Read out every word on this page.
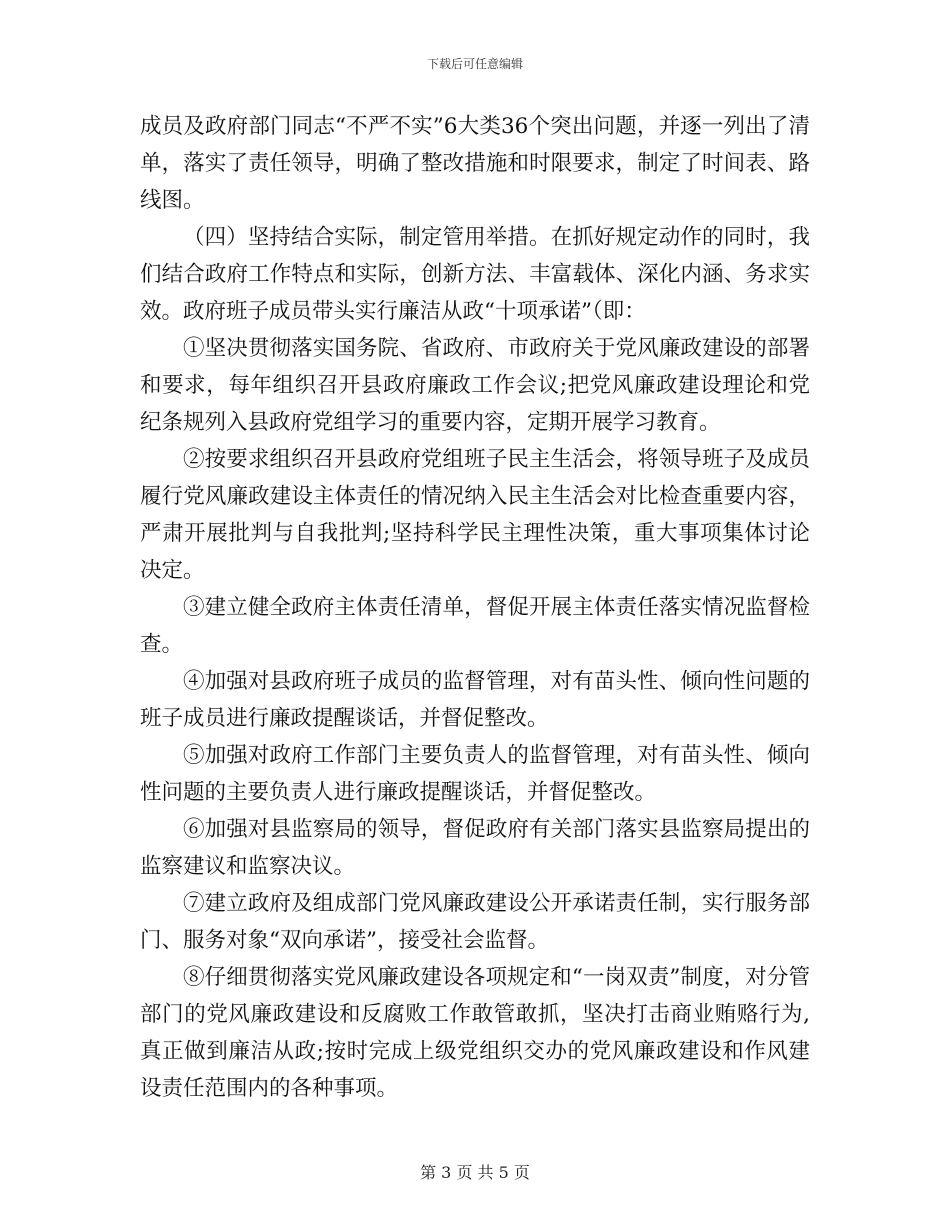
下载后可任意编辑

成员及政府部门同志“不严不实”6大类36个突出问题，并逐一列出了清单，落实了责任领导，明确了整改措施和时限要求，制定了时间表、路线图。

（四）坚持结合实际，制定管用举措。在抓好规定动作的同时，我们结合政府工作特点和实际，创新方法、丰富载体、深化内涵、务求实效。政府班子成员带头实行廉洁从政“十项承诺”（即：

①坚决贯彻落实国务院、省政府、市政府关于党风廉政建设的部署和要求，每年组织召开县政府廉政工作会议;把党风廉政建设理论和党纪条规列入县政府党组学习的重要内容，定期开展学习教育。

②按要求组织召开县政府党组班子民主生活会，将领导班子及成员履行党风廉政建设主体责任的情况纳入民主生活会对比检查重要内容，严肃开展批判与自我批判;坚持科学民主理性决策，重大事项集体讨论决定。

③建立健全政府主体责任清单，督促开展主体责任落实情况监督检查。

④加强对县政府班子成员的监督管理，对有苗头性、倾向性问题的班子成员进行廉政提醒谈话，并督促整改。

⑤加强对政府工作部门主要负责人的监督管理，对有苗头性、倾向性问题的主要负责人进行廉政提醒谈话，并督促整改。

⑥加强对县监察局的领导，督促政府有关部门落实县监察局提出的监察建议和监察决议。

⑦建立政府及组成部门党风廉政建设公开承诺责任制，实行服务部门、服务对象“双向承诺”，接受社会监督。

⑧仔细贯彻落实党风廉政建设各项规定和“一岗双责”制度，对分管部门的党风廉政建设和反腐败工作敢管敢抓，坚决打击商业贿赂行为,真正做到廉洁从政;按时完成上级党组织交办的党风廉政建设和作风建设责任范围内的各种事项。

第 3 页 共 5 页
